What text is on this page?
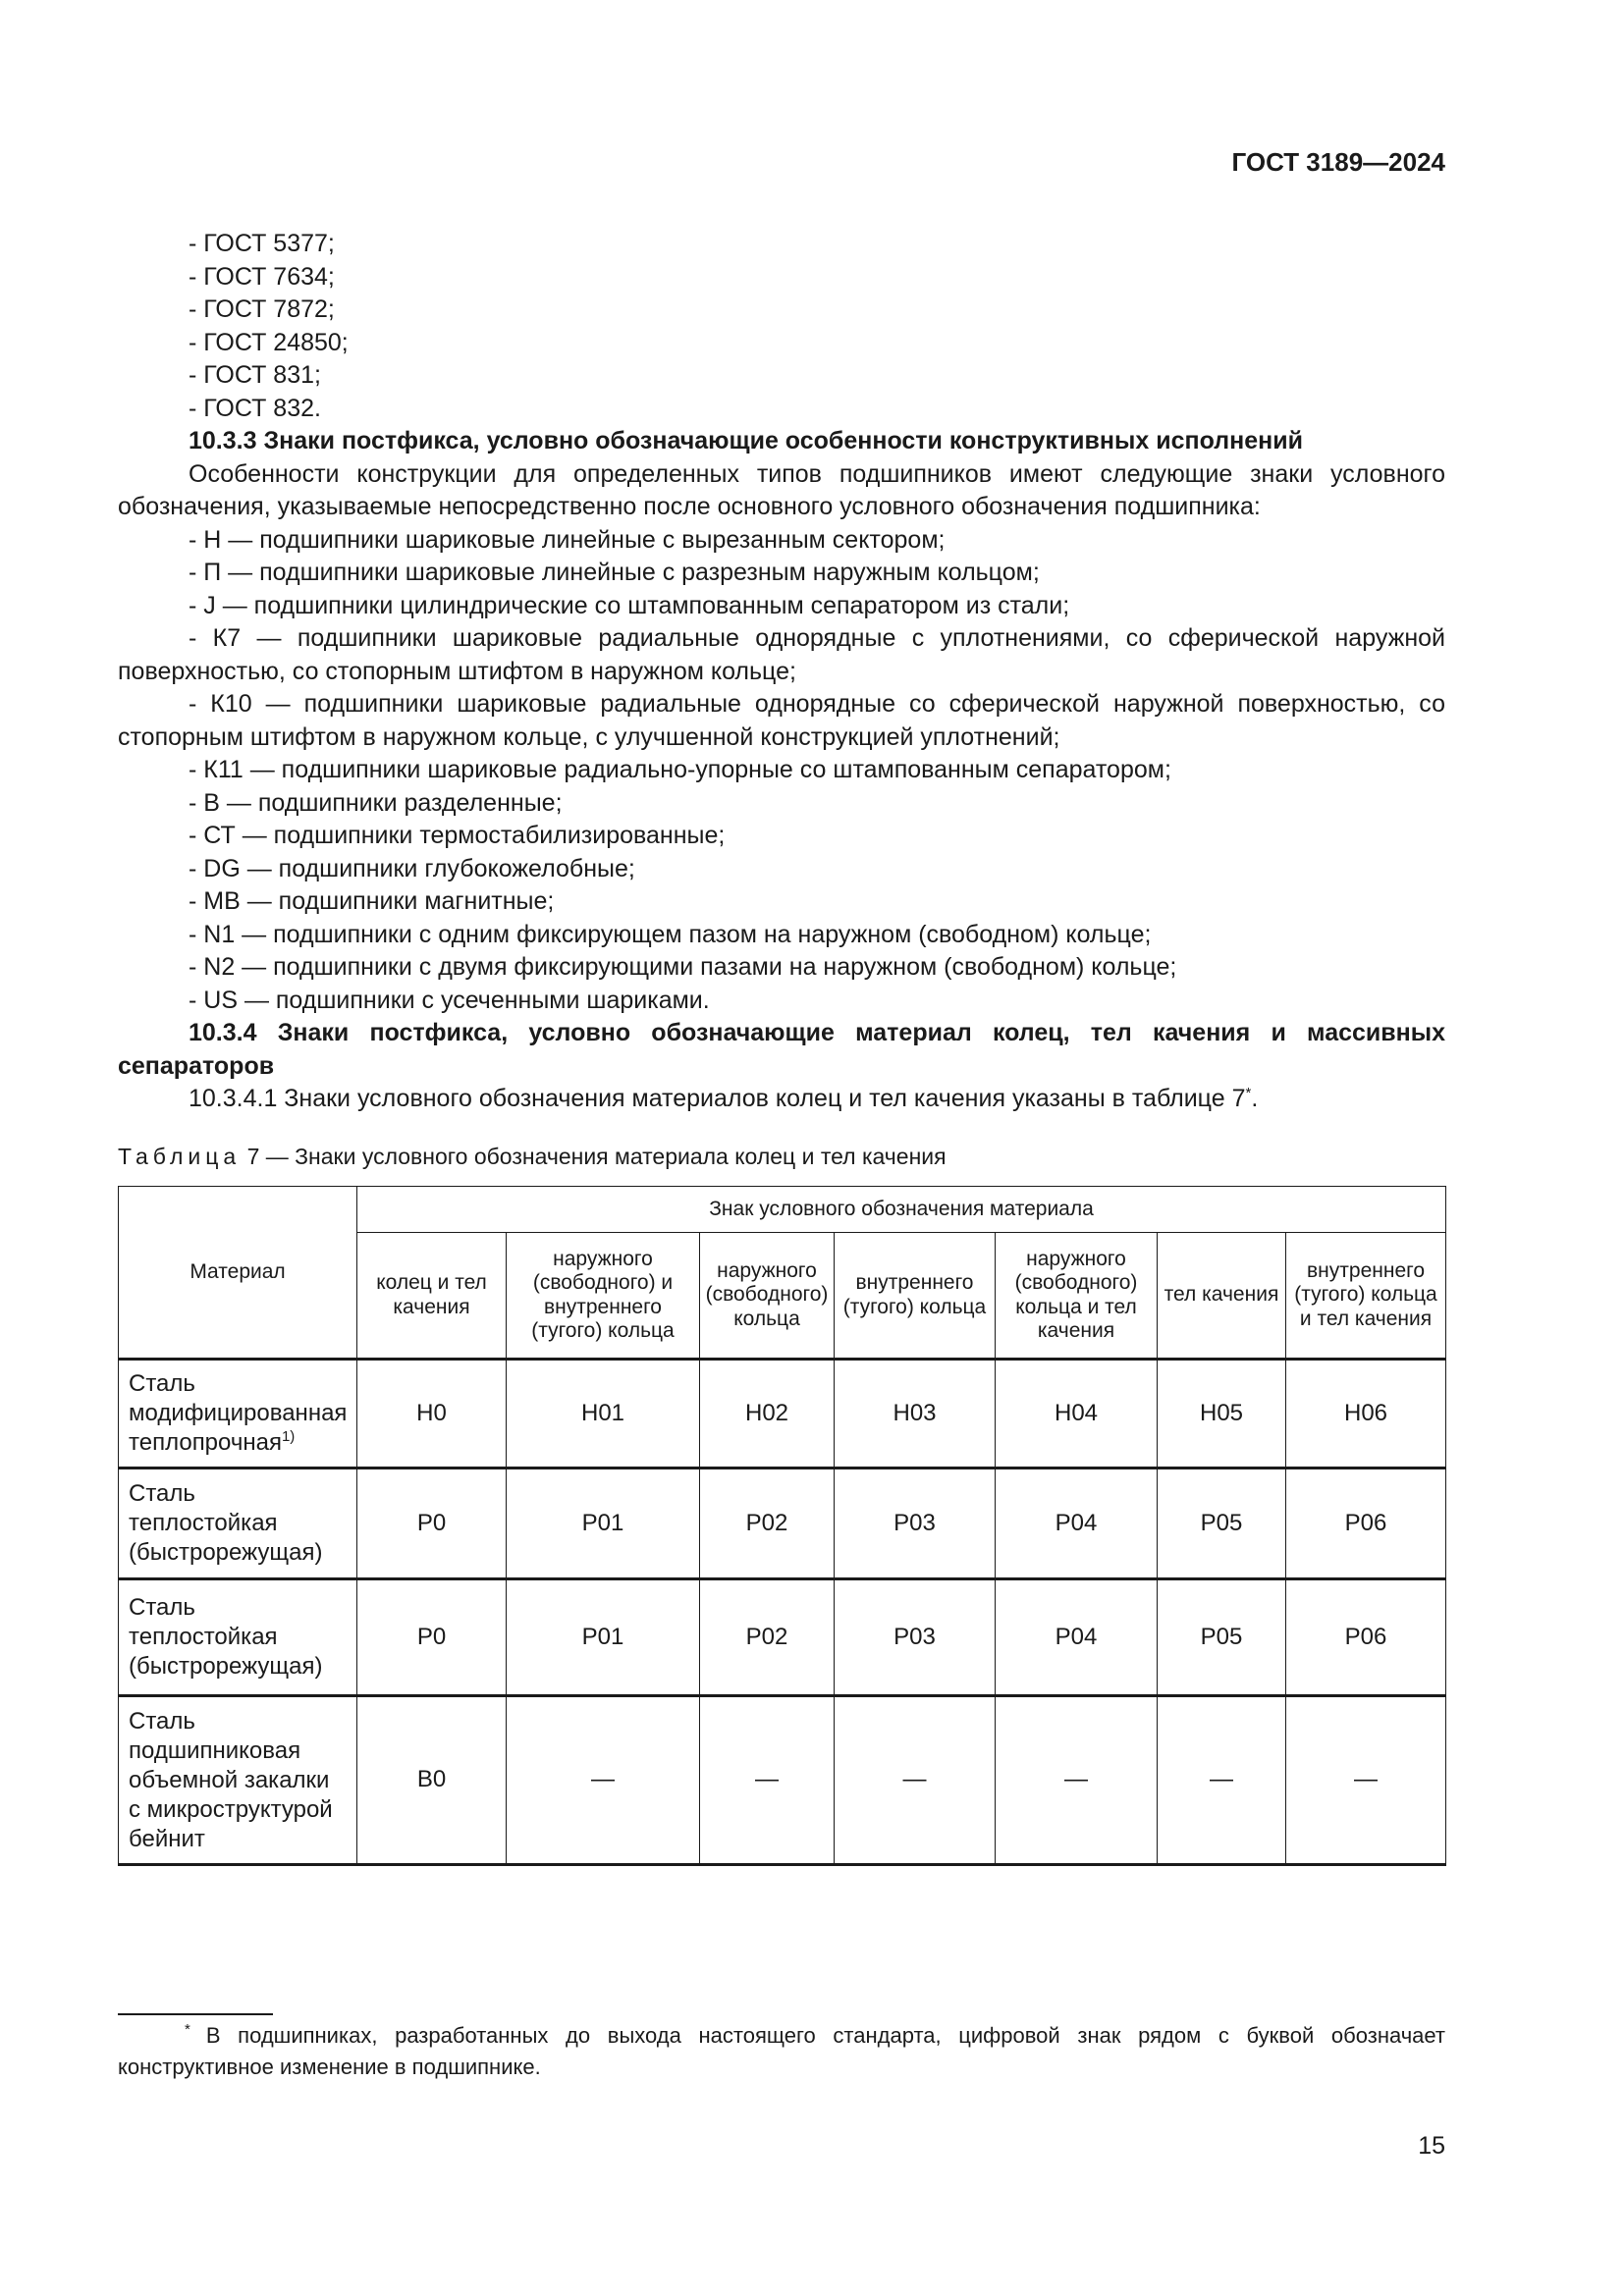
ГОСТ 3189—2024

- ГОСТ 5377;

- ГОСТ 7634;

- ГОСТ 7872;

- ГОСТ 24850;

- ГОСТ 831;

- ГОСТ 832.

10.3.3 Знаки постфикса, условно обозначающие особенности конструктивных исполнений

Особенности конструкции для определенных типов подшипников имеют следующие знаки условного обозначения, указываемые непосредственно после основного условного обозначения подшипника:

- Н — подшипники шариковые линейные с вырезанным сектором;

- П — подшипники шариковые линейные с разрезным наружным кольцом;

- J — подшипники цилиндрические со штампованным сепаратором из стали;

- К7 — подшипники шариковые радиальные однорядные с уплотнениями, со сферической наружной поверхностью, со стопорным штифтом в наружном кольце;

- К10 — подшипники шариковые радиальные однорядные со сферической наружной поверхностью, со стопорным штифтом в наружном кольце, с улучшенной конструкцией уплотнений;

- К11 — подшипники шариковые радиально-упорные со штампованным сепаратором;

- В — подшипники разделенные;

- СТ — подшипники термостабилизированные;

- DG — подшипники глубокожелобные;

- МВ — подшипники магнитные;

- N1 — подшипники с одним фиксирующем пазом на наружном (свободном) кольце;

- N2 — подшипники с двумя фиксирующими пазами на наружном (свободном) кольце;

- US — подшипники с усеченными шариками.

10.3.4 Знаки постфикса, условно обозначающие материал колец, тел качения и массивных сепараторов

10.3.4.1 Знаки условного обозначения материалов колец и тел качения указаны в таблице 7*.

Таблица 7 — Знаки условного обозначения материала колец и тел качения
Материал	Знак условного обозначения материала						
	колец и тел качения	наружного (свободного) и внутреннего (тугого) кольца	наружного (свободного) кольца	внутреннего (тугого) кольца	наружного (свободного) кольца и тел качения	тел качения	внутреннего (тугого) кольца и тел качения
Сталь модифицированная теплопрочная$^{1)}$	Н0	Н01	Н02	Н03	Н04	Н05	Н06
Сталь теплостойкая (быстрорежущая)	Р0	Р01	Р02	Р03	Р04	Р05	Р06
Сталь теплостойкая (быстрорежущая)	Р0	Р01	Р02	Р03	Р04	Р05	Р06
Сталь подшипниковая объемной закалки с микроструктурой бейнит	В0	—	—	—	—	—	—
* В подшипниках, разработанных до выхода настоящего стандарта, цифровой знак рядом с буквой обозначает конструктивное изменение в подшипнике.
15
